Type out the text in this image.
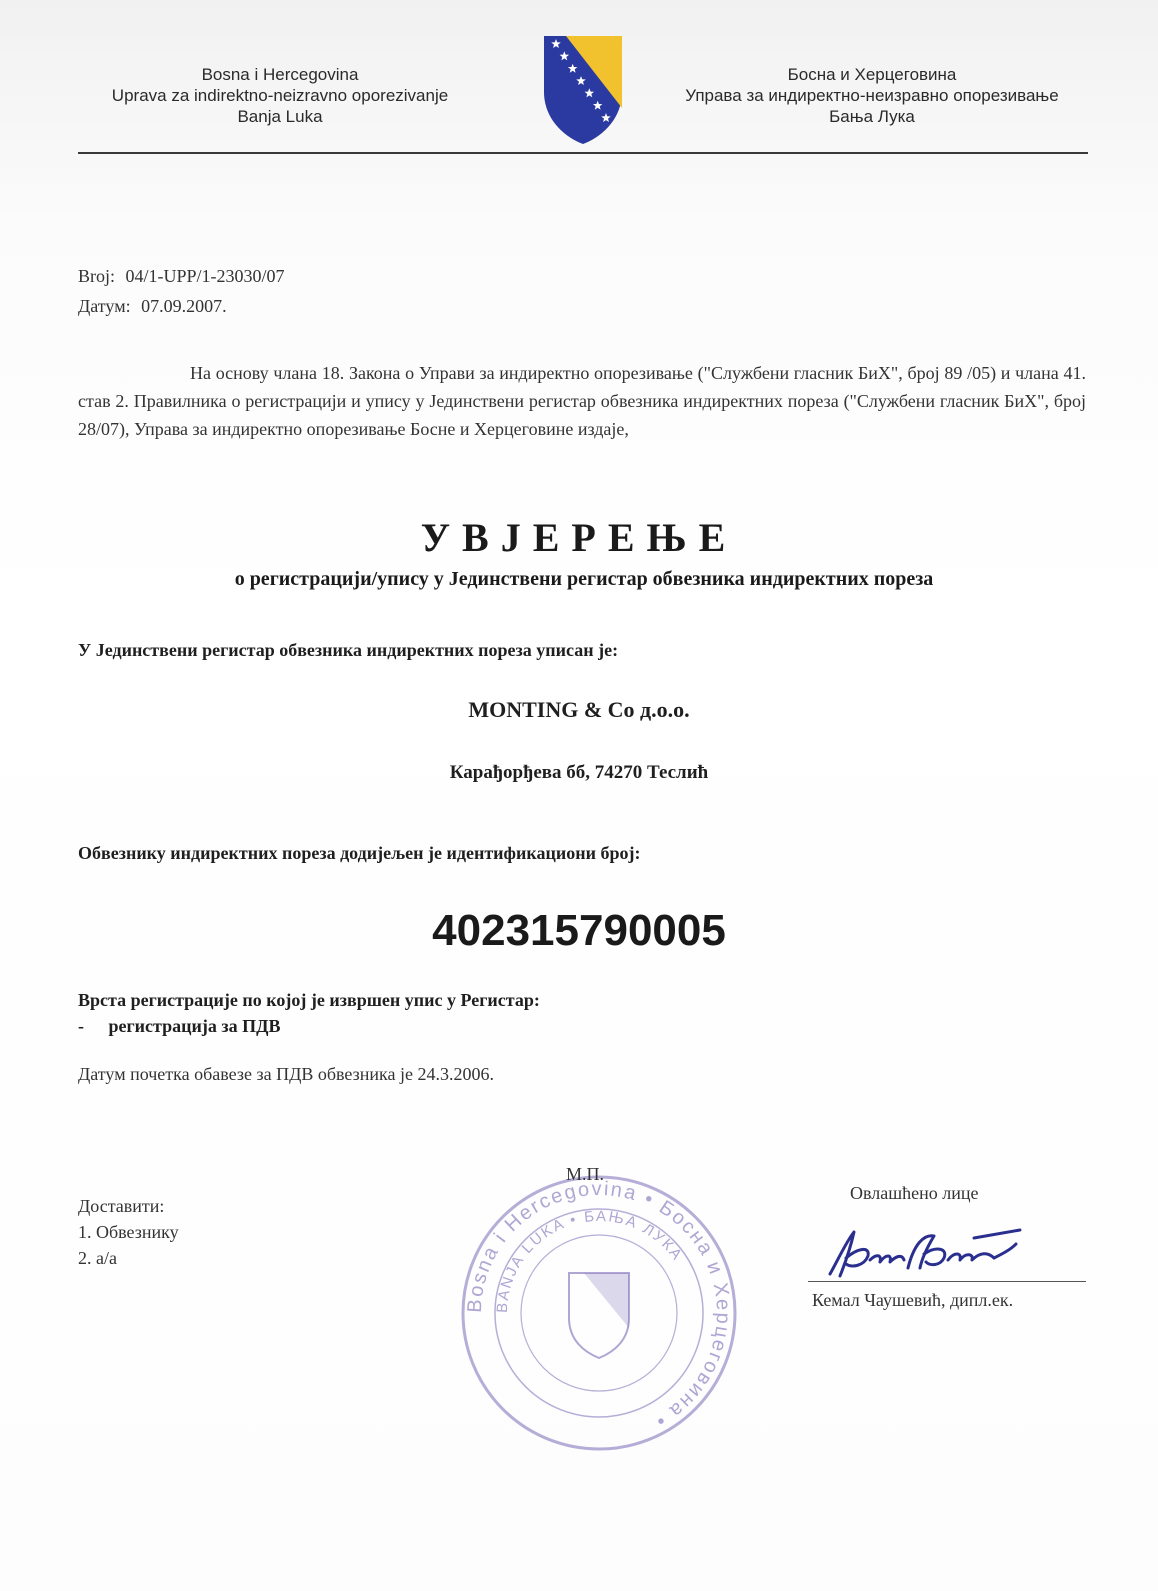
Bosna i Hercegovina
Uprava za indirektno-neizravno oporezivanje
Banja Luka
Босна и Херцеговина
Управа за индиректно-неизравно опорезивање
Бања Лука
Broj: 04/1-UPP/1-23030/07
Датум: 07.09.2007.
На основу члана 18. Закона о Управи за индиректно опорезивање ("Службени гласник БиХ", број 89 /05) и члана 41. став 2. Правилника о регистрацији и упису у Јединствени регистар обвезника индиректних пореза ("Службени гласник БиХ", број 28/07), Управа за индиректно опорезивање Босне и Херцеговине издаје,
УВЈЕРЕЊЕ
о регистрацији/упису у Јединствени регистар обвезника индиректних пореза
У Јединствени регистар обвезника индиректних пореза уписан је:
MONTING & Co д.о.о.
Карађорђева бб, 74270 Теслић
Обвезнику индиректних пореза додијељен је идентификациони број:
402315790005
Врста регистрације по којој је извршен упис у Регистар:
- регистрација за ПДВ
Датум почетка обавезе за ПДВ обвезника је 24.3.2006.
Bosna i Hercegovina • Босна и Херцеговина •
BANJA LUKA • БАЊА ЛУКА
М.П.
Доставити:
1. Обвезнику
2. а/а
Овлашћено лице
Кемал Чаушевић, дипл.ек.
